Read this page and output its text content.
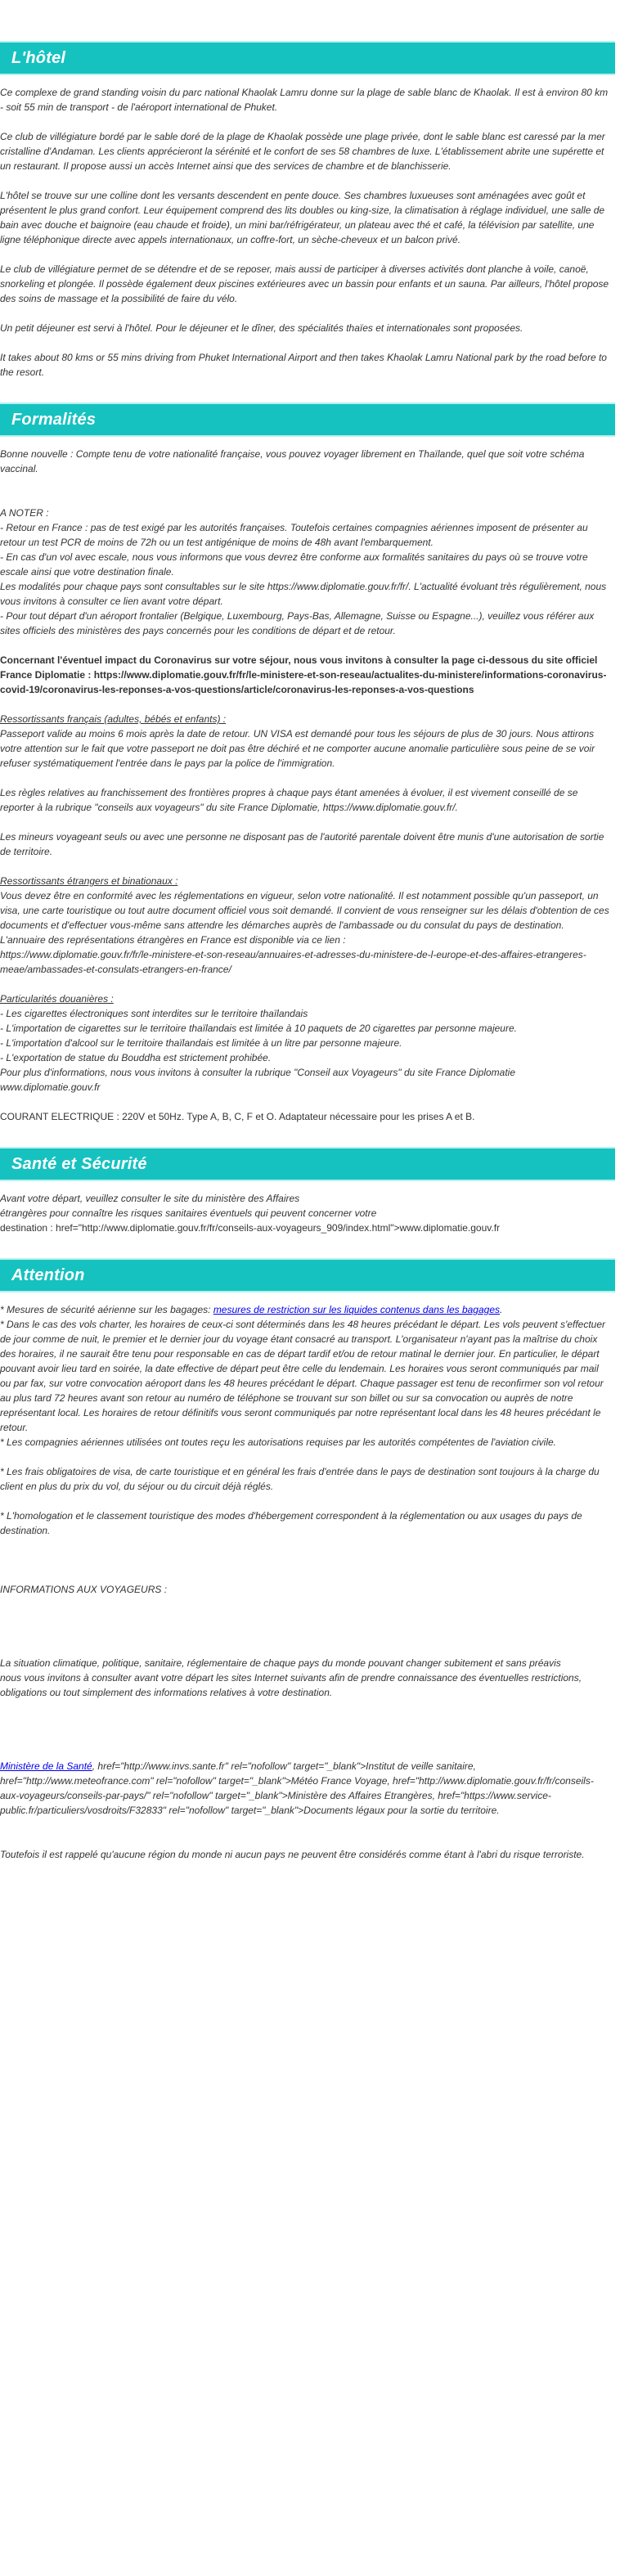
L'hôtel

Ce complexe de grand standing voisin du parc national Khaolak Lamru donne sur la plage de sable blanc de Khaolak. Il est à environ 80 km - soit 55 min de transport - de l'aéroport international de Phuket.

Ce club de villégiature bordé par le sable doré de la plage de Khaolak possède une plage privée, dont le sable blanc est caressé par la mer cristalline d'Andaman. Les clients apprécieront la sérénité et le confort de ses 58 chambres de luxe. L'établissement abrite une supérette et un restaurant. Il propose aussi un accès Internet ainsi que des services de chambre et de blanchisserie.

L'hôtel se trouve sur une colline dont les versants descendent en pente douce. Ses chambres luxueuses sont aménagées avec goût et présentent le plus grand confort. Leur équipement comprend des lits doubles ou king-size, la climatisation à réglage individuel, une salle de bain avec douche et baignoire (eau chaude et froide), un mini bar/réfrigérateur, un plateau avec thé et café, la télévision par satellite, une ligne téléphonique directe avec appels internationaux, un coffre-fort, un sèche-cheveux et un balcon privé.

Le club de villégiature permet de se détendre et de se reposer, mais aussi de participer à diverses activités dont planche à voile, canoë, snorkeling et plongée. Il possède également deux piscines extérieures avec un bassin pour enfants et un sauna. Par ailleurs, l'hôtel propose des soins de massage et la possibilité de faire du vélo.

Un petit déjeuner est servi à l'hôtel. Pour le déjeuner et le dîner, des spécialités thaïes et internationales sont proposées.

It takes about 80 kms or 55 mins driving from Phuket International Airport and then takes Khaolak Lamru National park by the road before to the resort.

Formalités

Bonne nouvelle : Compte tenu de votre nationalité française, vous pouvez voyager librement en Thaïlande, quel que soit votre schéma vaccinal.

A NOTER :
- Retour en France : pas de test exigé par les autorités françaises. Toutefois certaines compagnies aériennes imposent de présenter au retour un test PCR de moins de 72h ou un test antigénique de moins de 48h avant l'embarquement.
- En cas d'un vol avec escale, nous vous informons que vous devrez être conforme aux formalités sanitaires du pays où se trouve votre escale ainsi que votre destination finale.
Les modalités pour chaque pays sont consultables sur le site https://www.diplomatie.gouv.fr/fr/. L'actualité évoluant très régulièrement, nous vous invitons à consulter ce lien avant votre départ.
- Pour tout départ d'un aéroport frontalier (Belgique, Luxembourg, Pays-Bas, Allemagne, Suisse ou Espagne...), veuillez vous référer aux sites officiels des ministères des pays concernés pour les conditions de départ et de retour.

Concernant l'éventuel impact du Coronavirus sur votre séjour, nous vous invitons à consulter la page ci-dessous du site officiel France Diplomatie : https://www.diplomatie.gouv.fr/fr/le-ministere-et-son-reseau/actualites-du-ministere/informations-coronavirus-covid-19/coronavirus-les-reponses-a-vos-questions/article/coronavirus-les-reponses-a-vos-questions

Ressortissants français (adultes, bébés et enfants) :
Passeport valide au moins 6 mois après la date de retour. UN VISA est demandé pour tous les séjours de plus de 30 jours. Nous attirons votre attention sur le fait que votre passeport ne doit pas être déchiré et ne comporter aucune anomalie particulière sous peine de se voir refuser systématiquement l'entrée dans le pays par la police de l'immigration.

Les règles relatives au franchissement des frontières propres à chaque pays étant amenées à évoluer, il est vivement conseillé de se reporter à la rubrique "conseils aux voyageurs" du site France Diplomatie, https://www.diplomatie.gouv.fr/.

Les mineurs voyageant seuls ou avec une personne ne disposant pas de l'autorité parentale doivent être munis d'une autorisation de sortie de territoire.

Ressortissants étrangers et binationaux :
Vous devez être en conformité avec les réglementations en vigueur, selon votre nationalité. Il est notamment possible qu'un passeport, un visa, une carte touristique ou tout autre document officiel vous soit demandé. Il convient de vous renseigner sur les délais d'obtention de ces documents et d'effectuer vous-même sans attendre les démarches auprès de l'ambassade ou du consulat du pays de destination.
L'annuaire des représentations étrangères en France est disponible via ce lien :
https://www.diplomatie.gouv.fr/fr/le-ministere-et-son-reseau/annuaires-et-adresses-du-ministere-de-l-europe-et-des-affaires-etrangeres-meae/ambassades-et-consulats-etrangers-en-france/
Particularités douanières :
- Les cigarettes électroniques sont interdites sur le territoire thaïlandais
- L'importation de cigarettes sur le territoire thaïlandais est limitée à 10 paquets de 20 cigarettes par personne majeure.
- L'importation d'alcool sur le territoire thaïlandais est limitée à un litre par personne majeure.
- L'exportation de statue du Bouddha est strictement prohibée.
Pour plus d'informations, nous vous invitons à consulter la rubrique "Conseil aux Voyageurs" du site France Diplomatie www.diplomatie.gouv.fr

COURANT ELECTRIQUE : 220V et 50Hz. Type A, B, C, F et O. Adaptateur nécessaire pour les prises A et B.

Santé et Sécurité
Avant votre départ, veuillez consulter le site du ministère des Affaires
étrangères pour connaître les risques sanitaires éventuels qui peuvent concerner votre
destination : href="http://www.diplomatie.gouv.fr/fr/conseils-aux-voyageurs_909/index.html">www.diplomatie.gouv.fr
Attention
* Mesures de sécurité aérienne sur les bagages: mesures de restriction sur les liquides contenus dans les bagages.
* Dans le cas des vols charter, les horaires de ceux-ci sont déterminés dans les 48 heures précédant le départ. Les vols peuvent s'effectuer de jour comme de nuit, le premier et le dernier jour du voyage étant consacré au transport. L'organisateur n'ayant pas la maîtrise du choix des horaires, il ne saurait être tenu pour responsable en cas de départ tardif et/ou de retour matinal le dernier jour. En particulier, le départ pouvant avoir lieu tard en soirée, la date effective de départ peut être celle du lendemain. Les horaires vous seront communiqués par mail ou par fax, sur votre convocation aéroport dans les 48 heures précédant le départ. Chaque passager est tenu de reconfirmer son vol retour au plus tard 72 heures avant son retour au numéro de téléphone se trouvant sur son billet ou sur sa convocation ou auprès de notre représentant local. Les horaires de retour définitifs vous seront communiqués par notre représentant local dans les 48 heures précédant le retour.
* Les compagnies aériennes utilisées ont toutes reçu les autorisations requises par les autorités compétentes de l'aviation civile.

* Les frais obligatoires de visa, de carte touristique et en général les frais d'entrée dans le pays de destination sont toujours à la charge du client en plus du prix du vol, du séjour ou du circuit déjà réglés.

* L'homologation et le classement touristique des modes d'hébergement correspondent à la réglementation ou aux usages du pays de destination.

INFORMATIONS AUX VOYAGEURS :

La situation climatique, politique, sanitaire, réglementaire de chaque pays du monde pouvant changer subitement et sans préavis
nous vous invitons à consulter avant votre départ les sites Internet suivants afin de prendre connaissance des éventuelles restrictions, obligations ou tout simplement des informations relatives à votre destination.

Ministère de la Santé, href="http://www.invs.sante.fr" rel="nofollow" target="_blank">Institut de veille sanitaire, href="http://www.meteofrance.com" rel="nofollow" target="_blank">Météo France Voyage, href="http://www.diplomatie.gouv.fr/fr/conseils-aux-voyageurs/conseils-par-pays/" rel="nofollow" target="_blank">Ministère des Affaires Etrangères, href="https://www.service-public.fr/particuliers/vosdroits/F32833" rel="nofollow" target="_blank">Documents légaux pour la sortie du territoire.

Toutefois il est rappelé qu'aucune région du monde ni aucun pays ne peuvent être considérés comme étant à l'abri du risque terroriste.
